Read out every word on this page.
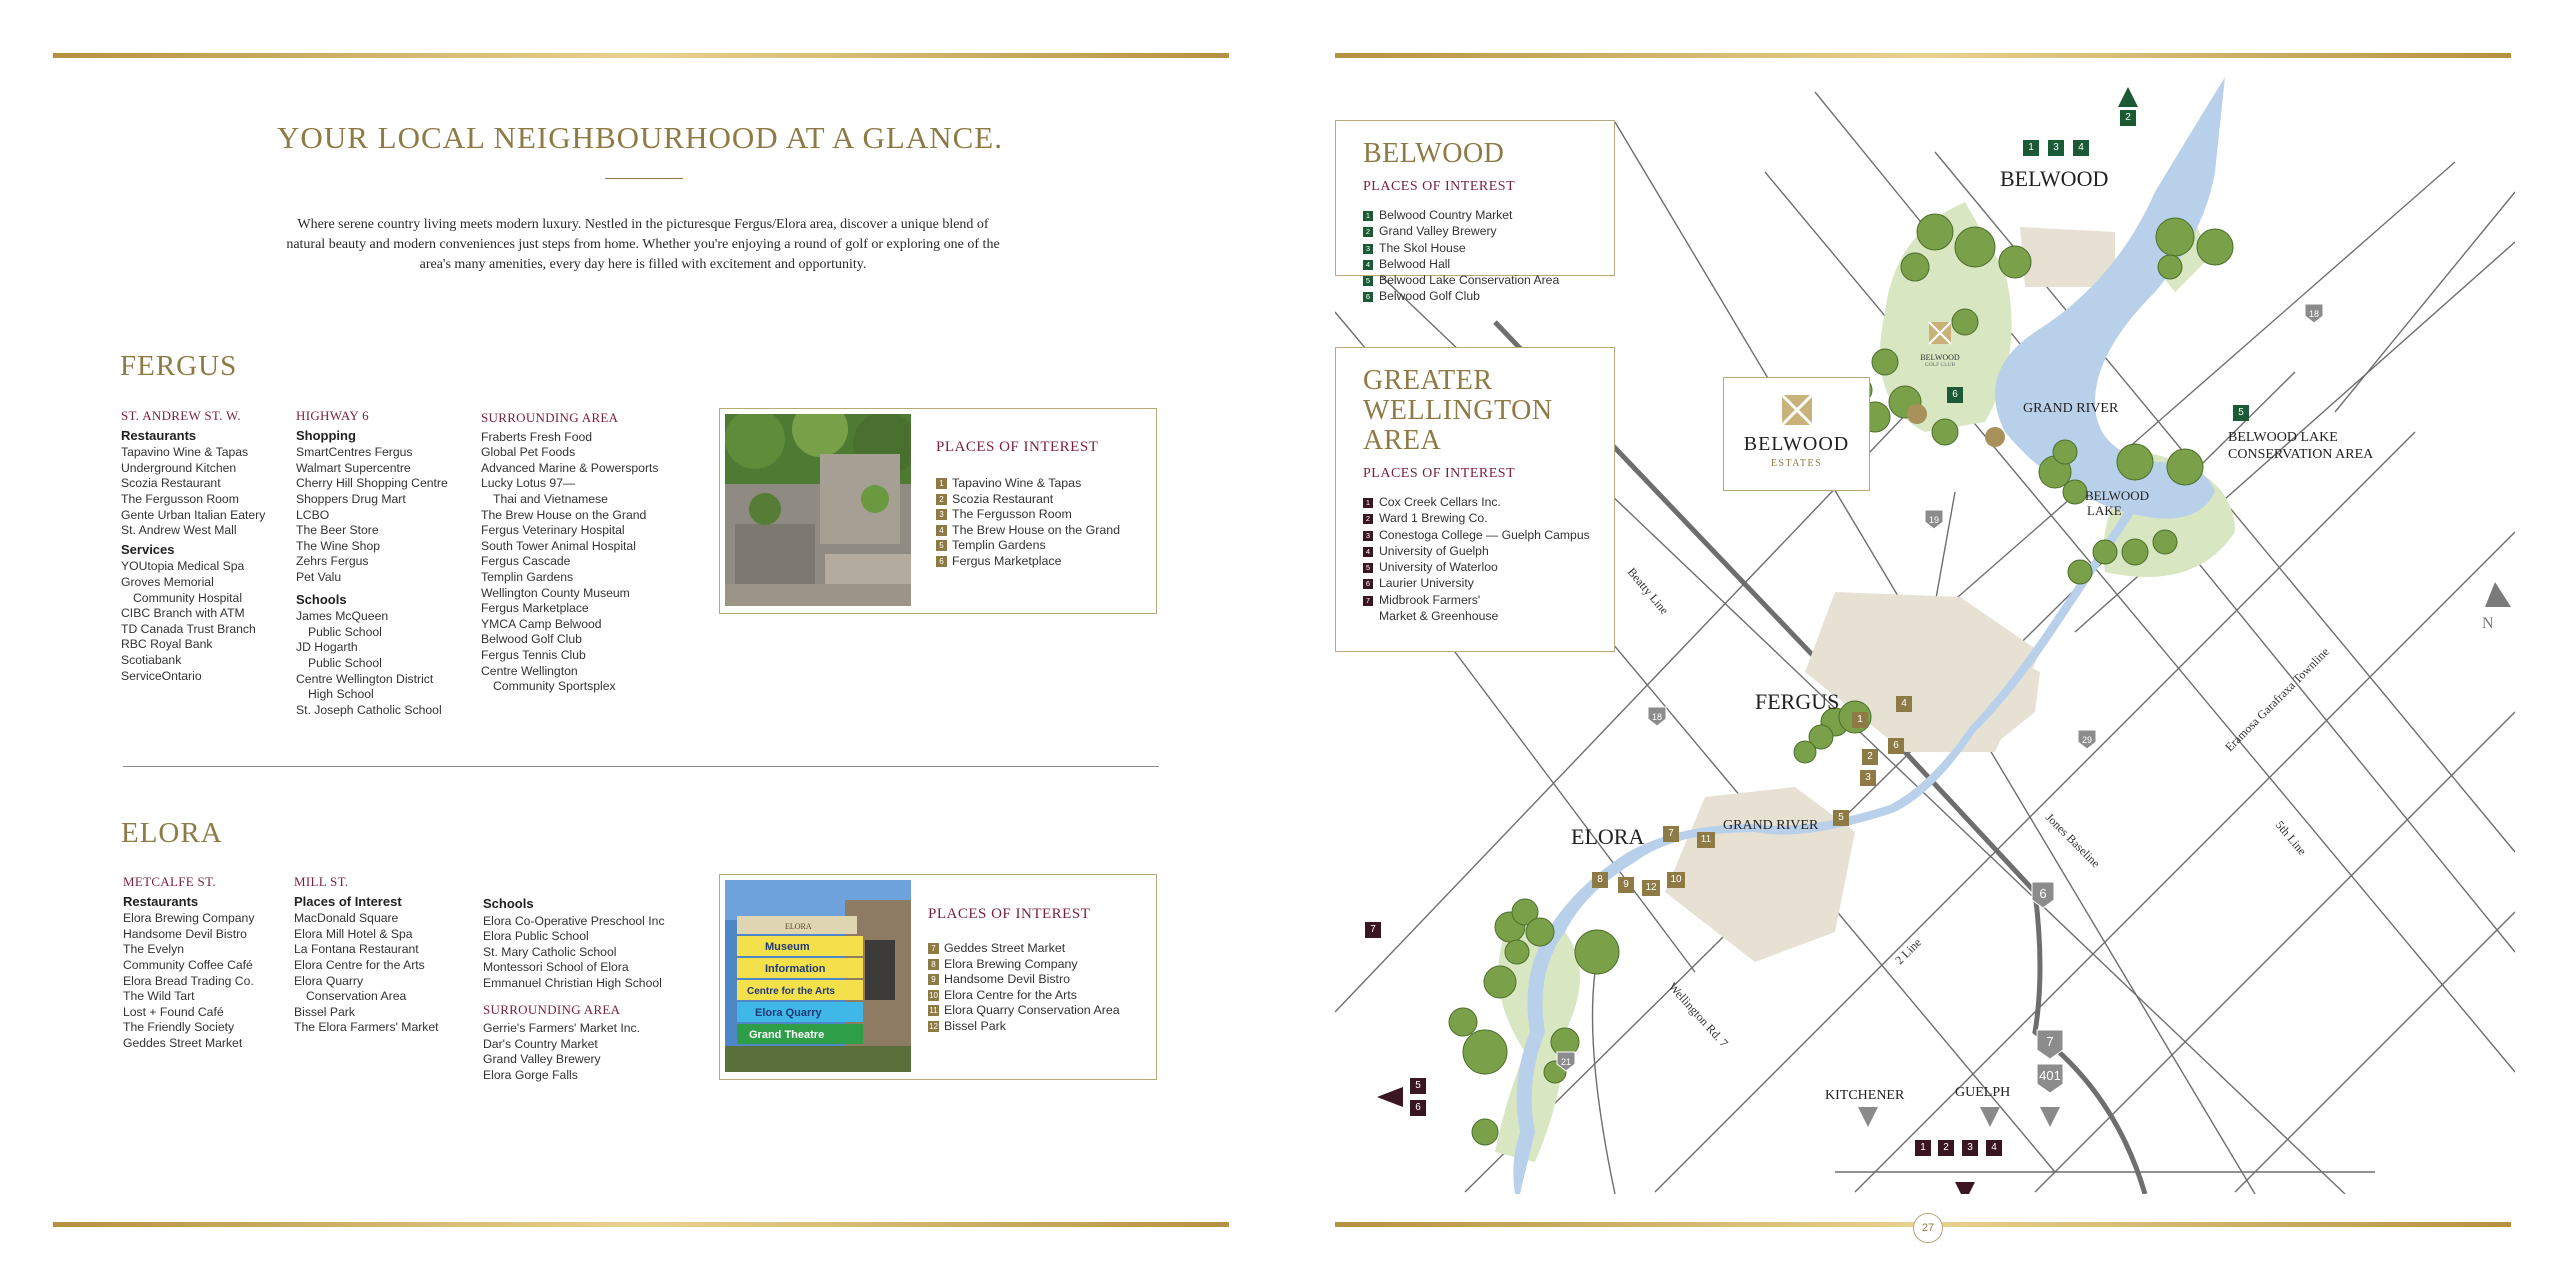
YOUR LOCAL NEIGHBOURHOOD AT A GLANCE.
Where serene country living meets modern luxury. Nestled in the picturesque Fergus/Elora area, discover a unique blend of natural beauty and modern conveniences just steps from home. Whether you're enjoying a round of golf or exploring one of the area's many amenities, every day here is filled with excitement and opportunity.
FERGUS
ST. ANDREW ST. W.
Restaurants
Tapavino Wine & Tapas
Underground Kitchen
Scozia Restaurant
The Fergusson Room
Gente Urban Italian Eatery
St. Andrew West Mall
Services
YOUtopia Medical Spa
Groves Memorial
Community Hospital
CIBC Branch with ATM
TD Canada Trust Branch
RBC Royal Bank
Scotiabank
ServiceOntario
HIGHWAY 6
Shopping
SmartCentres Fergus
Walmart Supercentre
Cherry Hill Shopping Centre
Shoppers Drug Mart
LCBO
The Beer Store
The Wine Shop
Zehrs Fergus
Pet Valu
Schools
James McQueen
Public School
JD Hogarth
Public School
Centre Wellington District
High School
St. Joseph Catholic School
SURROUNDING AREA
Fraberts Fresh Food
Global Pet Foods
Advanced Marine & Powersports
Lucky Lotus 97—
Thai and Vietnamese
The Brew House on the Grand
Fergus Veterinary Hospital
South Tower Animal Hospital
Fergus Cascade
Templin Gardens
Wellington County Museum
Fergus Marketplace
YMCA Camp Belwood
Belwood Golf Club
Fergus Tennis Club
Centre Wellington
Community Sportsplex
PLACES OF INTEREST
1 Tapavino Wine & Tapas
2 Scozia Restaurant
3 The Fergusson Room
4 The Brew House on the Grand
5 Templin Gardens
6 Fergus Marketplace
ELORA
METCALFE ST.
Restaurants
Elora Brewing Company
Handsome Devil Bistro
The Evelyn
Community Coffee Café
Elora Bread Trading Co.
The Wild Tart
Lost + Found Café
The Friendly Society
Geddes Street Market
MILL ST.
Places of Interest
MacDonald Square
Elora Mill Hotel & Spa
La Fontana Restaurant
Elora Centre for the Arts
Elora Quarry
Conservation Area
Bissel Park
The Elora Farmers' Market
Schools
Elora Co-Operative Preschool Inc
Elora Public School
St. Mary Catholic School
Montessori School of Elora
Emmanuel Christian High School
SURROUNDING AREA
Gerrie's Farmers' Market Inc.
Dar's Country Market
Grand Valley Brewery
Elora Gorge Falls
ELORA
Museum
Information
Centre for the Arts
Elora Quarry
Grand Theatre
PLACES OF INTEREST
7 Geddes Street Market
8 Elora Brewing Company
9 Handsome Devil Bistro
10 Elora Centre for the Arts
11 Elora Quarry Conservation Area
12 Bissel Park
BELWOOD
FERGUS
ELORA
GRAND RIVER
GRAND RIVER
BELWOOD
LAKE
BELWOOD LAKE
CONSERVATION AREA
KITCHENER	GUELPH
N
Beatty Line
Jones Baseline
2 Line
Wellington Rd. 7
Eramosa Garafraxa Townline
5th Line
18
19
18
29
21
6
7
401
1	3	4
2
5
6
1
4
6
2
3
5
7
11
8	9	12
10
1	2	3	4
5
6
7
BELWOOD
GOLF CLUB
BELWOOD
ESTATES
BELWOOD
PLACES OF INTEREST
1 Belwood Country Market
2 Grand Valley Brewery
3 The Skol House
4 Belwood Hall
5 Belwood Lake Conservation Area
6 Belwood Golf Club
GREATER
WELLINGTON
AREA
PLACES OF INTEREST
1 Cox Creek Cellars Inc.
2 Ward 1 Brewing Co.
3 Conestoga College — Guelph Campus
4 University of Guelph
5 University of Waterloo
6 Laurier University
7 Midbrook Farmers'
Market & Greenhouse
27
